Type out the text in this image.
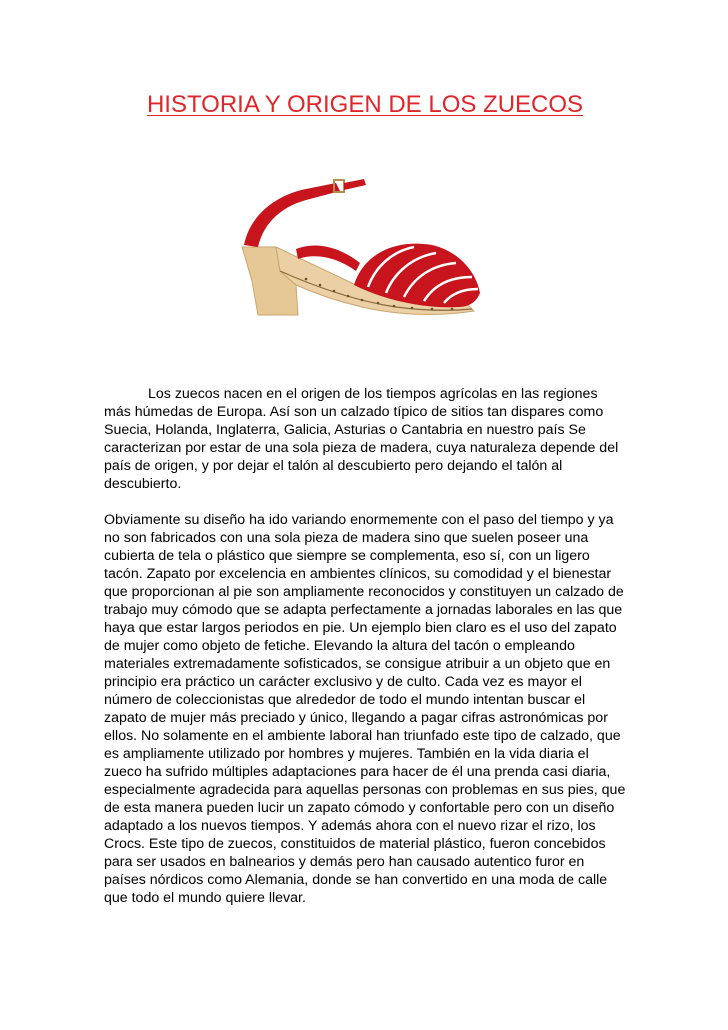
HISTORIA Y ORIGEN DE LOS ZUECOS

Los zuecos nacen en el origen de los tiempos agrícolas en las regiones más húmedas de Europa. Así son un calzado típico de sitios tan dispares como Suecia, Holanda, Inglaterra, Galicia, Asturias o Cantabria en nuestro país Se caracterizan por estar de una sola pieza de madera, cuya naturaleza depende del país de origen, y por dejar el talón al descubierto pero dejando el talón al descubierto.

Obviamente su diseño ha ido variando enormemente con el paso del tiempo y ya no son fabricados con una sola pieza de madera sino que suelen poseer una cubierta de tela o plástico que siempre se complementa, eso sí, con un ligero tacón. Zapato por excelencia en ambientes clínicos, su comodidad y el bienestar que proporcionan al pie son ampliamente reconocidos y constituyen un calzado de trabajo muy cómodo que se adapta perfectamente a jornadas laborales en las que haya que estar largos periodos en pie. Un ejemplo bien claro es el uso del zapato de mujer como objeto de fetiche. Elevando la altura del tacón o empleando materiales extremadamente sofisticados, se consigue atribuir a un objeto que en principio era práctico un carácter exclusivo y de culto. Cada vez es mayor el número de coleccionistas que alrededor de todo el mundo intentan buscar el zapato de mujer más preciado y único, llegando a pagar cifras astronómicas por ellos. No solamente en el ambiente laboral han triunfado este tipo de calzado, que es ampliamente utilizado por hombres y mujeres. También en la vida diaria el zueco ha sufrido múltiples adaptaciones para hacer de él una prenda casi diaria, especialmente agradecida para aquellas personas con problemas en sus pies, que de esta manera pueden lucir un zapato cómodo y confortable pero con un diseño adaptado a los nuevos tiempos. Y además ahora con el nuevo rizar el rizo, los Crocs. Este tipo de zuecos, constituidos de material plástico, fueron concebidos para ser usados en balnearios y demás pero han causado autentico furor en países nórdicos como Alemania, donde se han convertido en una moda de calle que todo el mundo quiere llevar.
